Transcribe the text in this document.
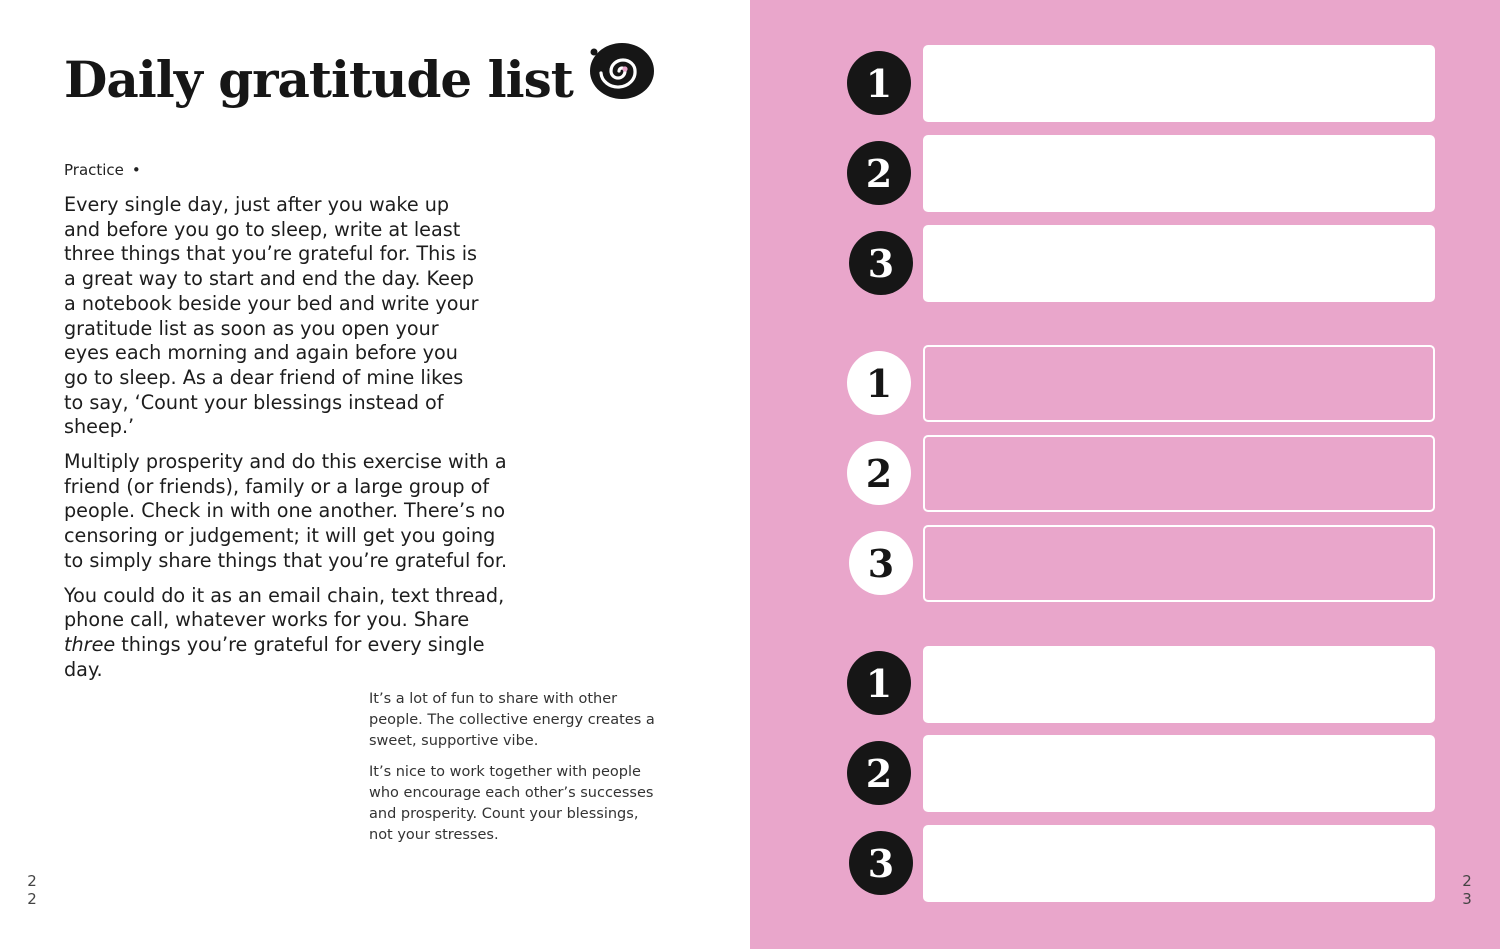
Daily gratitude list
Practice •

Every single day, just after you wake up and before you go to sleep, write at least three things that you’re grateful for. This is a great way to start and end the day. Keep a notebook beside your bed and write your gratitude list as soon as you open your eyes each morning and again before you go to sleep. As a dear friend of mine likes to say, ‘Count your blessings instead of sheep.’

Multiply prosperity and do this exercise with a friend (or friends), family or a large group of people. Check in with one another. There’s no censoring or judgement; it will get you going to simply share things that you’re grateful for.

You could do it as an email chain, text thread, phone call, whatever works for you. Share three things you’re grateful for every single day.

It’s a lot of fun to share with other people. The collective energy creates a sweet, supportive vibe.

It’s nice to work together with people who encourage each other’s successes and prosperity. Count your blessings, not your stresses.

2
2
2
3
1
2
3
1
2
3
1
2
3
